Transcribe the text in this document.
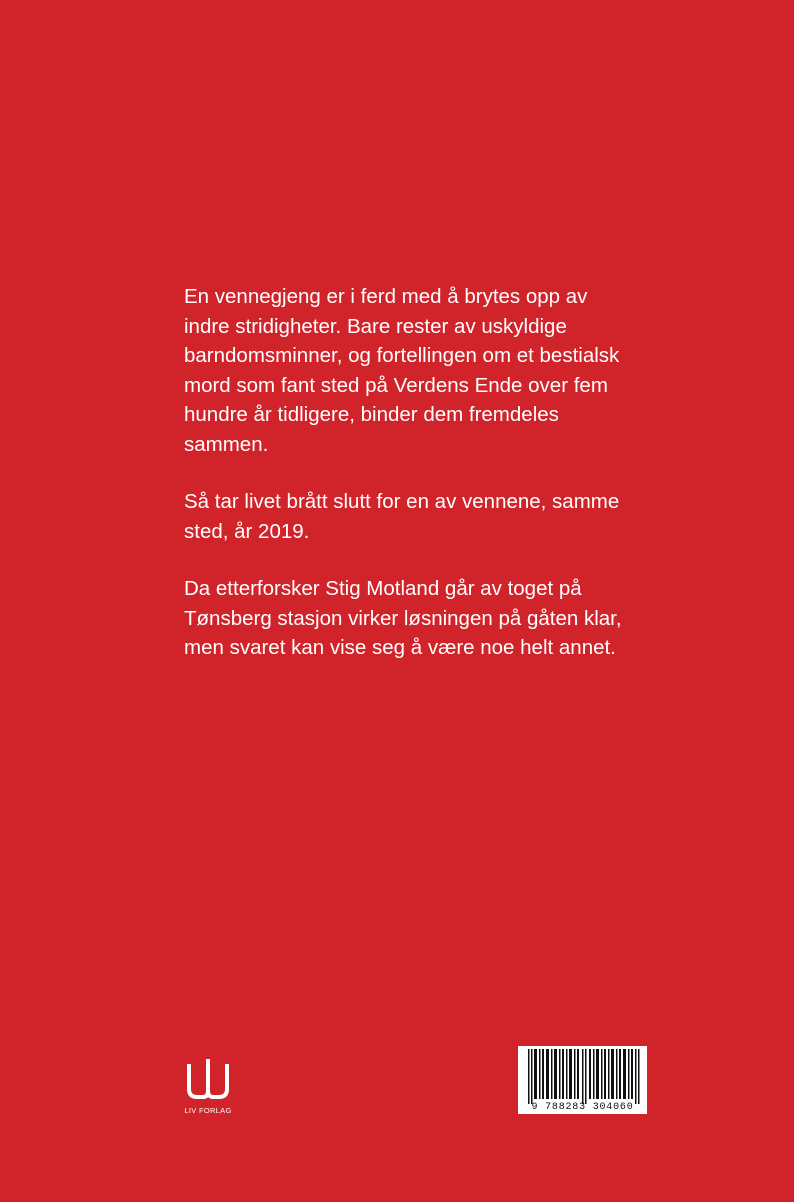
En vennegjeng er i ferd med å brytes opp av
indre stridigheter. Bare rester av uskyldige
barndomsminner, og fortellingen om et bestialsk
mord som fant sted på Verdens Ende over fem
hundre år tidligere, binder dem fremdeles
sammen.

Så tar livet brått slutt for en av vennene, samme
sted, år 2019.

Da etterforsker Stig Motland går av toget på
Tønsberg stasjon virker løsningen på gåten klar,
men svaret kan vise seg å være noe helt annet.

LIV FORLAG	9 788283 304060
